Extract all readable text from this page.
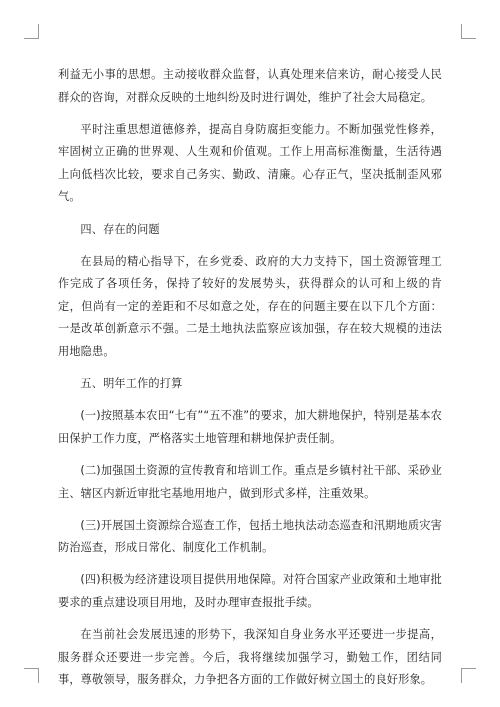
利益无小事的思想。主动接收群众监督，认真处理来信来访，耐心接受人民群众的咨询，对群众反映的土地纠纷及时进行调处，维护了社会大局稳定。

平时注重思想道德修养，提高自身防腐拒变能力。不断加强党性修养，牢固树立正确的世界观、人生观和价值观。工作上用高标准衡量，生活待遇上向低档次比较，要求自己务实、勤政、清廉。心存正气，坚决抵制歪风邪气。

四、存在的问题

在县局的精心指导下，在乡党委、政府的大力支持下，国土资源管理工作完成了各项任务，保持了较好的发展势头，获得群众的认可和上级的肯定，但尚有一定的差距和不尽如意之处，存在的问题主要在以下几个方面：一是改革创新意示不强。二是土地执法监察应该加强，存在较大规模的违法用地隐患。

五、明年工作的打算

(一)按照基本农田“七有”“五不准”的要求，加大耕地保护，特别是基本农田保护工作力度，严格落实土地管理和耕地保护责任制。

(二)加强国土资源的宣传教育和培训工作。重点是乡镇村社干部、采砂业主、辖区内新近审批宅基地用地户，做到形式多样，注重效果。

(三)开展国土资源综合巡查工作，包括土地执法动态巡查和汛期地质灾害防治巡查，形成日常化、制度化工作机制。

(四)积极为经济建设项目提供用地保障。对符合国家产业政策和土地审批要求的重点建设项目用地，及时办理审查报批手续。

在当前社会发展迅速的形势下，我深知自身业务水平还要进一步提高，服务群众还要进一步完善。今后，我将继续加强学习，勤勉工作，团结同事，尊敬领导，服务群众，力争把各方面的工作做好树立国土的良好形象。
